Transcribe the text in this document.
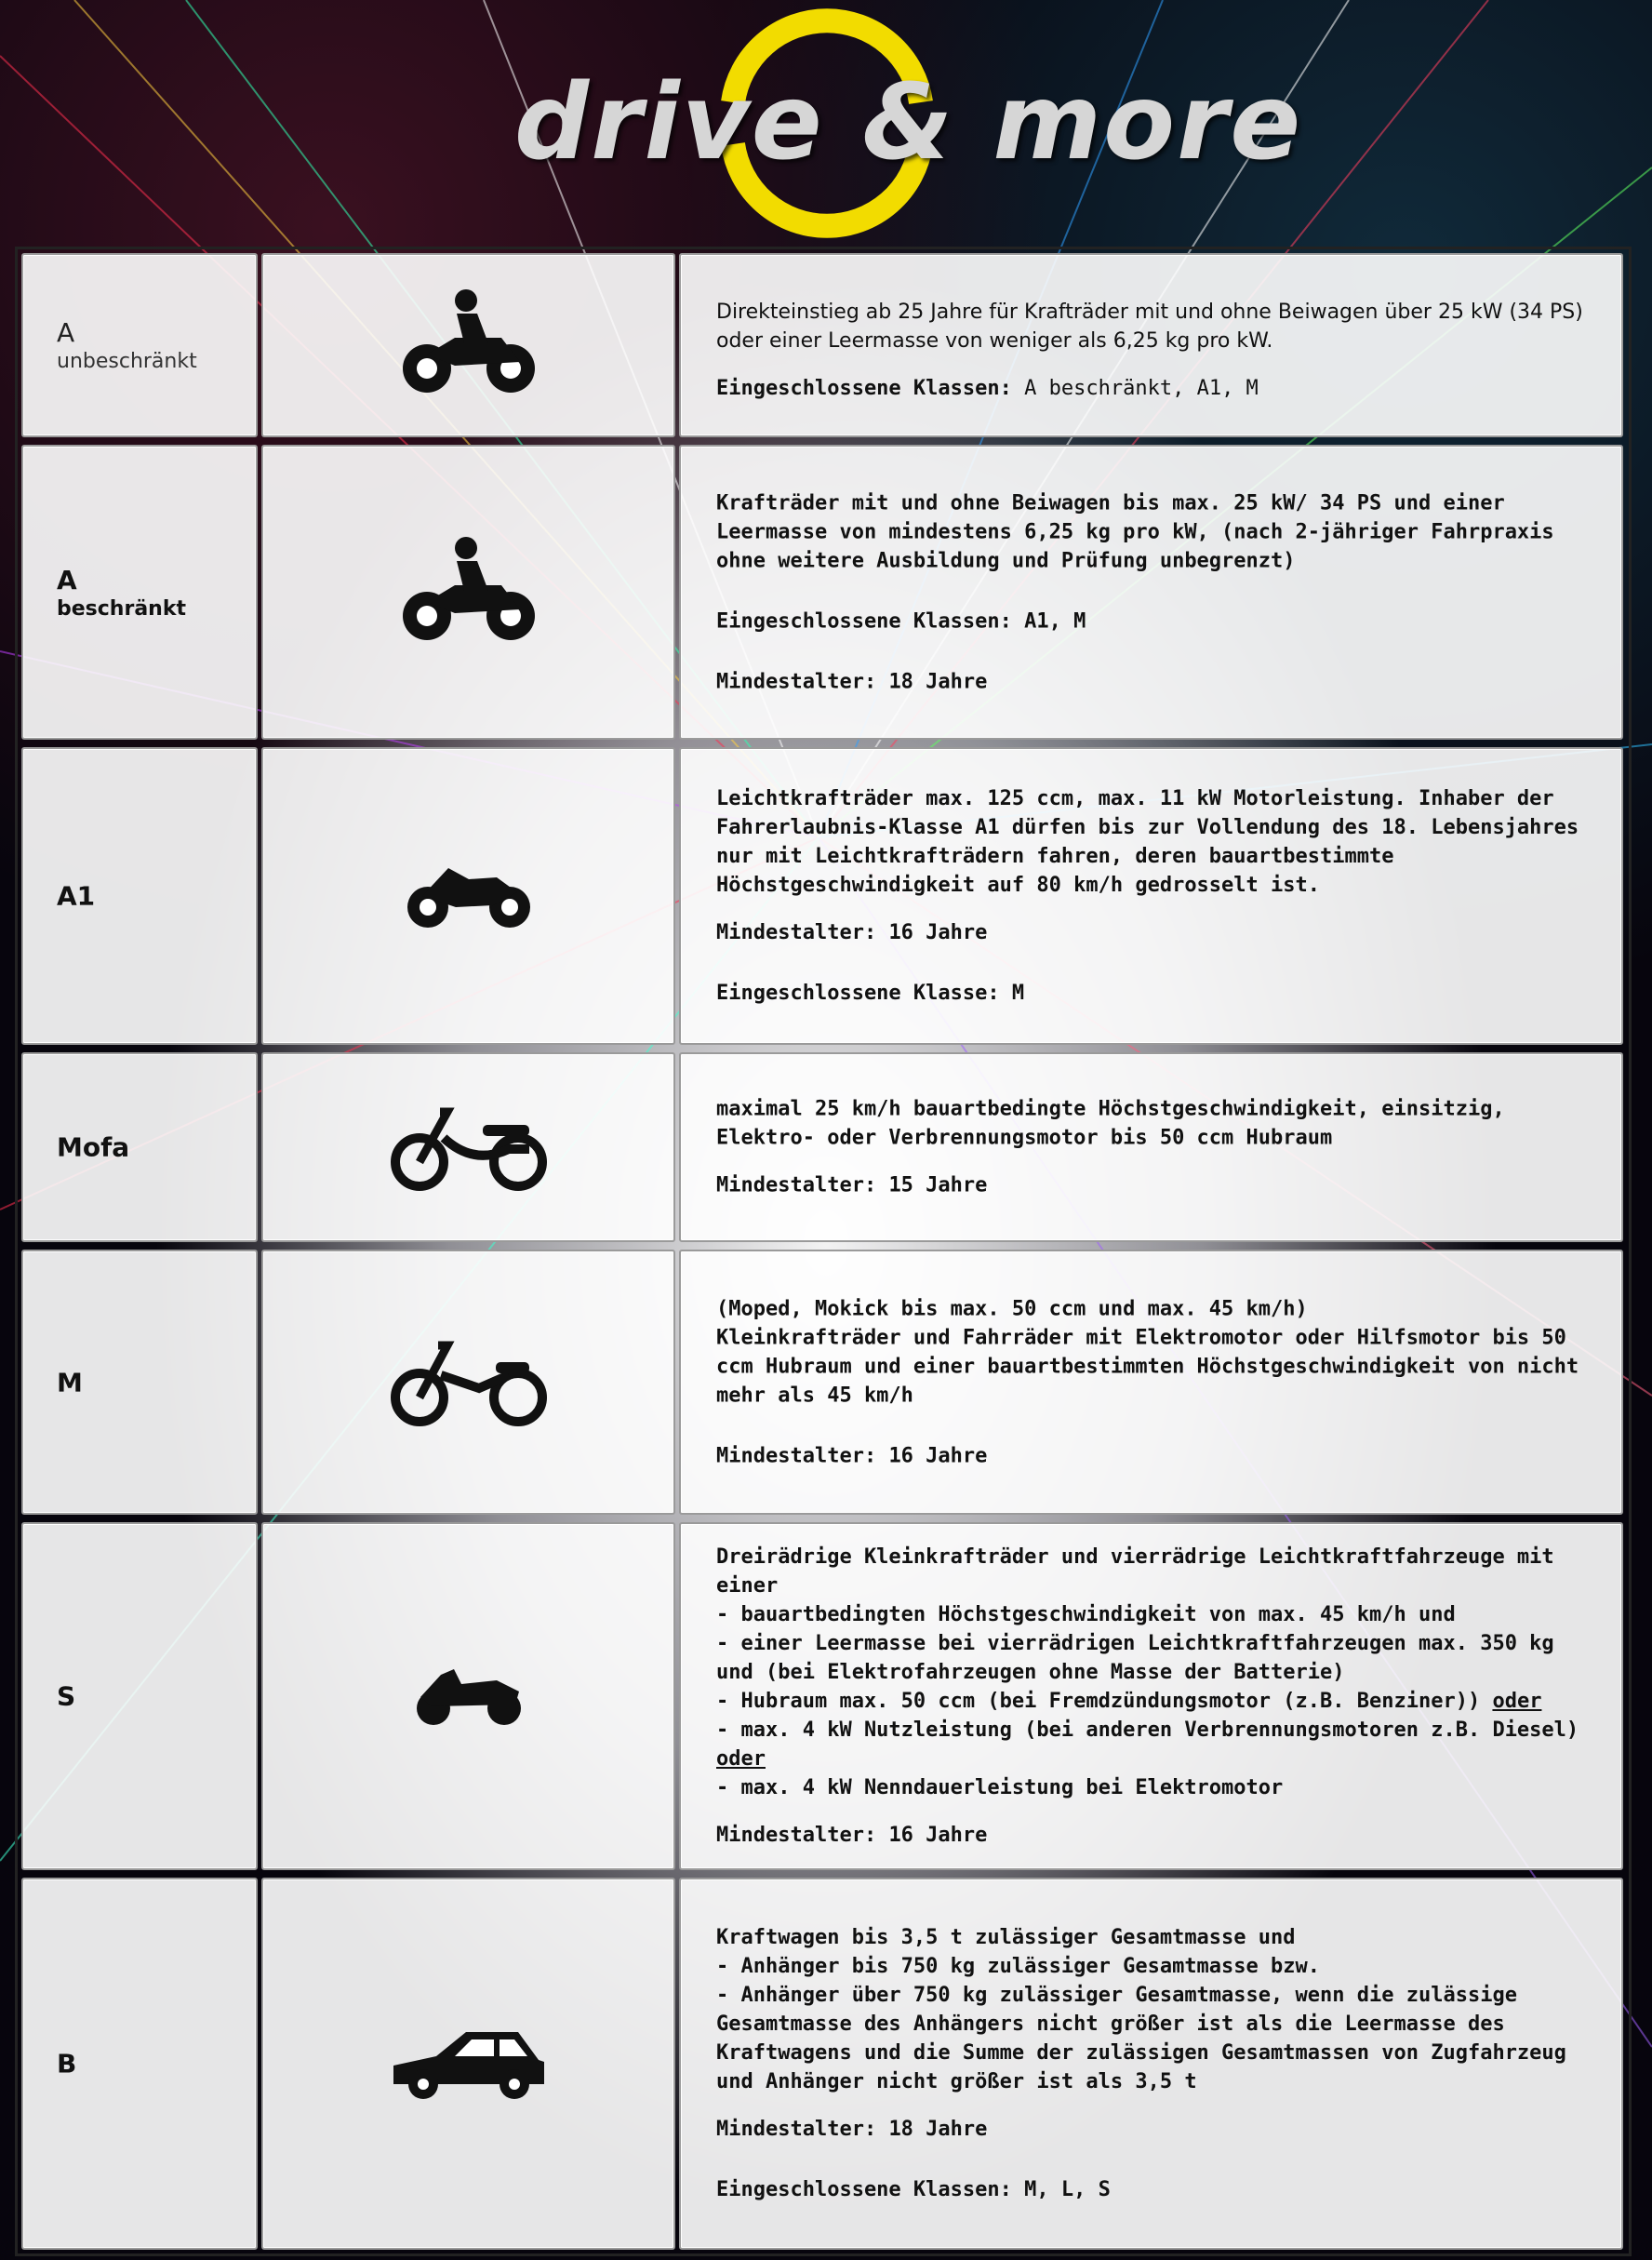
drive & more
A
unbeschränkt

Direkteinstieg ab 25 Jahre für Krafträder mit und ohne Beiwagen über 25 kW (34 PS) oder einer Leermasse von weniger als 6,25 kg pro kW.

Eingeschlossene Klassen: A beschränkt, A1, M

A
beschränkt

Krafträder mit und ohne Beiwagen bis max. 25 kW/ 34 PS und einer Leermasse von mindestens 6,25 kg pro kW, (nach 2-jähriger Fahrpraxis ohne weitere Ausbildung und Prüfung unbegrenzt)

Eingeschlossene Klassen: A1, M

Mindestalter: 18 Jahre

A1

Leichtkrafträder max. 125 ccm, max. 11 kW Motorleistung. Inhaber der Fahrerlaubnis-Klasse A1 dürfen bis zur Vollendung des 18. Lebensjahres nur mit Leichtkrafträdern fahren, deren bauartbestimmte Höchstgeschwindigkeit auf 80 km/h gedrosselt ist.

Mindestalter: 16 Jahre

Eingeschlossene Klasse: M

Mofa

maximal 25 km/h bauartbedingte Höchstgeschwindigkeit, einsitzig, Elektro- oder Verbrennungsmotor bis 50 ccm Hubraum

Mindestalter: 15 Jahre

M

(Moped, Mokick bis max. 50 ccm und max. 45 km/h)

Kleinkrafträder und Fahrräder mit Elektromotor oder Hilfsmotor bis 50 ccm Hubraum und einer bauartbestimmten Höchstgeschwindigkeit von nicht mehr als 45 km/h

Mindestalter: 16 Jahre

S

Dreirädrige Kleinkrafträder und vierrädrige Leichtkraftfahrzeuge mit einer

- bauartbedingten Höchstgeschwindigkeit von max. 45 km/h und

- einer Leermasse bei vierrädrigen Leichtkraftfahrzeugen max. 350 kg und (bei Elektrofahrzeugen ohne Masse der Batterie)

- Hubraum max. 50 ccm (bei Fremdzündungsmotor (z.B. Benziner)) oder

- max. 4 kW Nutzleistung (bei anderen Verbrennungsmotoren z.B. Diesel)

oder

- max. 4 kW Nenndauerleistung bei Elektromotor

Mindestalter: 16 Jahre

B

Kraftwagen bis 3,5 t zulässiger Gesamtmasse und

- Anhänger bis 750 kg zulässiger Gesamtmasse bzw.

- Anhänger über 750 kg zulässiger Gesamtmasse, wenn die zulässige Gesamtmasse des Anhängers nicht größer ist als die Leermasse des Kraftwagens und die Summe der zulässigen Gesamtmassen von Zugfahrzeug und Anhänger nicht größer ist als 3,5 t

Mindestalter: 18 Jahre

Eingeschlossene Klassen: M, L, S
